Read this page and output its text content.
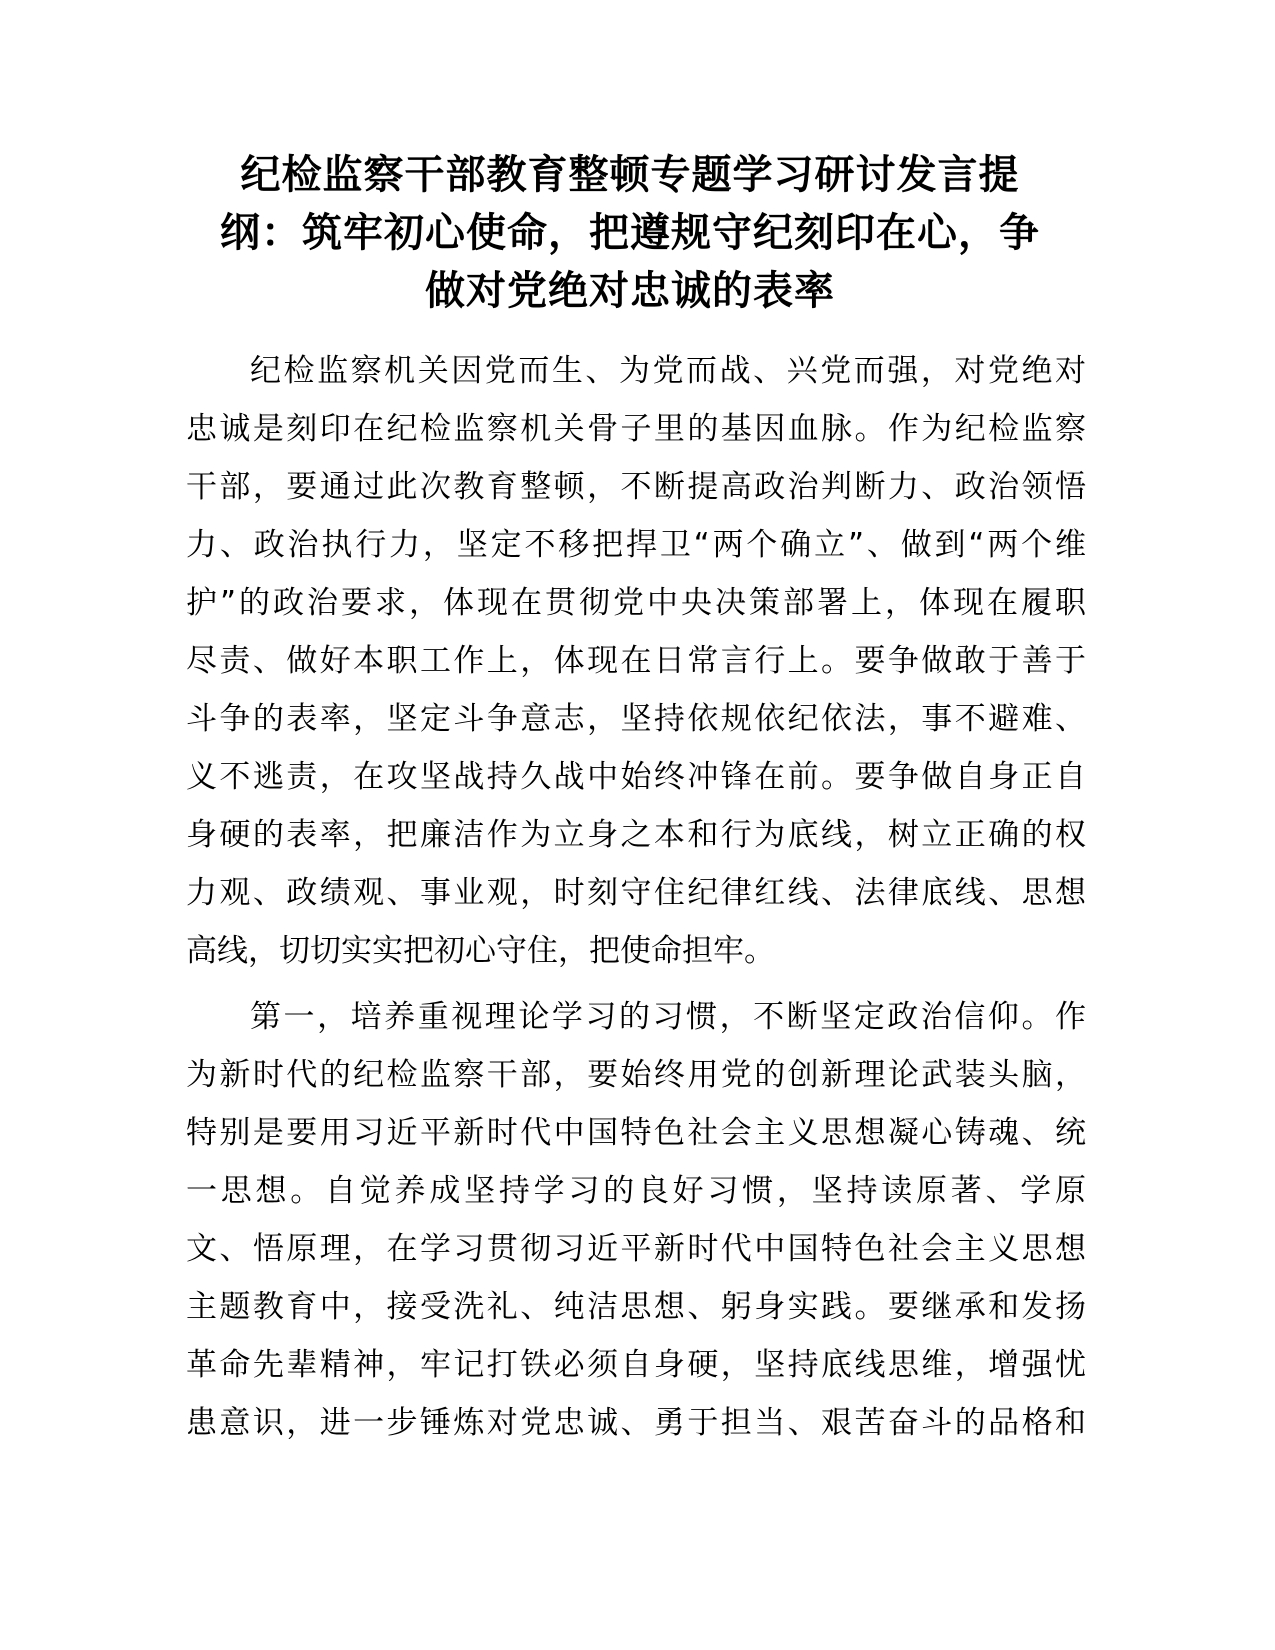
纪检监察干部教育整顿专题学习研讨发言提
纲：筑牢初心使命，把遵规守纪刻印在心，争
做对党绝对忠诚的表率

纪检监察机关因党而生、为党而战、兴党而强，对党绝对
忠诚是刻印在纪检监察机关骨子里的基因血脉。作为纪检监察
干部，要通过此次教育整顿，不断提高政治判断力、政治领悟
力、政治执行力，坚定不移把捍卫“两个确立”、做到“两个维
护”的政治要求，体现在贯彻党中央决策部署上，体现在履职
尽责、做好本职工作上，体现在日常言行上。要争做敢于善于
斗争的表率，坚定斗争意志，坚持依规依纪依法，事不避难、
义不逃责，在攻坚战持久战中始终冲锋在前。要争做自身正自
身硬的表率，把廉洁作为立身之本和行为底线，树立正确的权
力观、政绩观、事业观，时刻守住纪律红线、法律底线、思想
高线，切切实实把初心守住，把使命担牢。

第一，培养重视理论学习的习惯，不断坚定政治信仰。作
为新时代的纪检监察干部，要始终用党的创新理论武装头脑，
特别是要用习近平新时代中国特色社会主义思想凝心铸魂、统
一思想。自觉养成坚持学习的良好习惯，坚持读原著、学原
文、悟原理，在学习贯彻习近平新时代中国特色社会主义思想
主题教育中，接受洗礼、纯洁思想、躬身实践。要继承和发扬
革命先辈精神，牢记打铁必须自身硬，坚持底线思维，增强忧
患意识，进一步锤炼对党忠诚、勇于担当、艰苦奋斗的品格和
